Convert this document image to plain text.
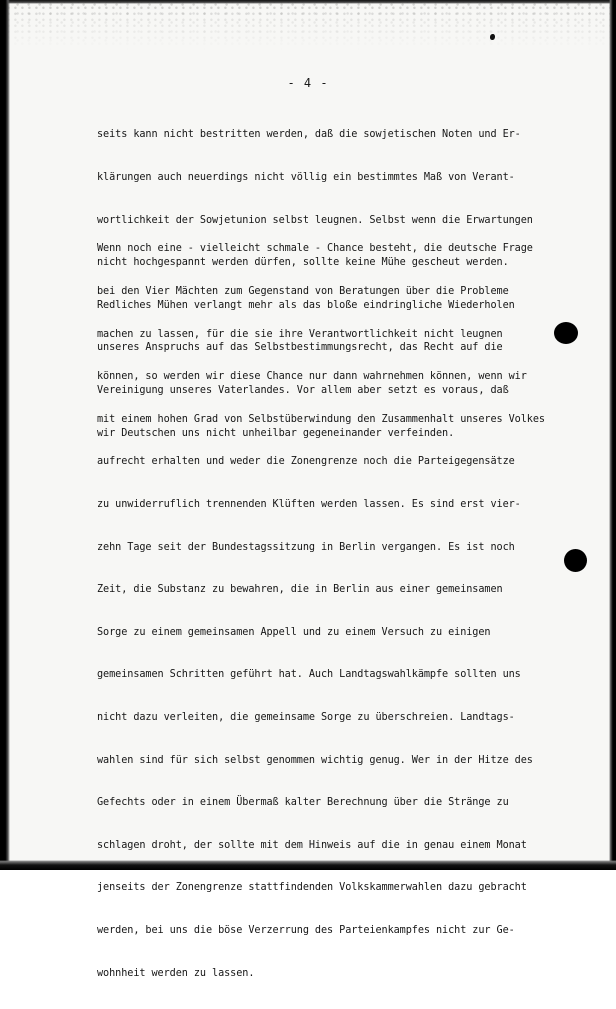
- 4 -

seits kann nicht bestritten werden, daß die sowjetischen Noten und Er-

klärungen auch neuerdings nicht völlig ein bestimmtes Maß von Verant-

wortlichkeit der Sowjetunion selbst leugnen. Selbst wenn die Erwartungen

nicht hochgespannt werden dürfen, sollte keine Mühe gescheut werden.

Redliches Mühen verlangt mehr als das bloße eindringliche Wiederholen

unseres Anspruchs auf das Selbstbestimmungsrecht, das Recht auf die

Vereinigung unseres Vaterlandes. Vor allem aber setzt es voraus, daß

wir Deutschen uns nicht unheilbar gegeneinander verfeinden.

Wenn noch eine - vielleicht schmale - Chance besteht, die deutsche Frage

bei den Vier Mächten zum Gegenstand von Beratungen über die Probleme

machen zu lassen, für die sie ihre Verantwortlichkeit nicht leugnen

können, so werden wir diese Chance nur dann wahrnehmen können, wenn wir

mit einem hohen Grad von Selbstüberwindung den Zusammenhalt unseres Volkes

aufrecht erhalten und weder die Zonengrenze noch die Parteigegensätze

zu unwiderruflich trennenden Klüften werden lassen. Es sind erst vier-

zehn Tage seit der Bundestagssitzung in Berlin vergangen. Es ist noch

Zeit, die Substanz zu bewahren, die in Berlin aus einer gemeinsamen

Sorge zu einem gemeinsamen Appell und zu einem Versuch zu einigen

gemeinsamen Schritten geführt hat. Auch Landtagswahlkämpfe sollten uns

nicht dazu verleiten, die gemeinsame Sorge zu überschreien. Landtags-

wahlen sind für sich selbst genommen wichtig genug. Wer in der Hitze des

Gefechts oder in einem Übermaß kalter Berechnung über die Stränge zu

schlagen droht, der sollte mit dem Hinweis auf die in genau einem Monat

jenseits der Zonengrenze stattfindenden Volkskammerwahlen dazu gebracht

werden, bei uns die böse Verzerrung des Parteienkampfes nicht zur Ge-

wohnheit werden zu lassen.
